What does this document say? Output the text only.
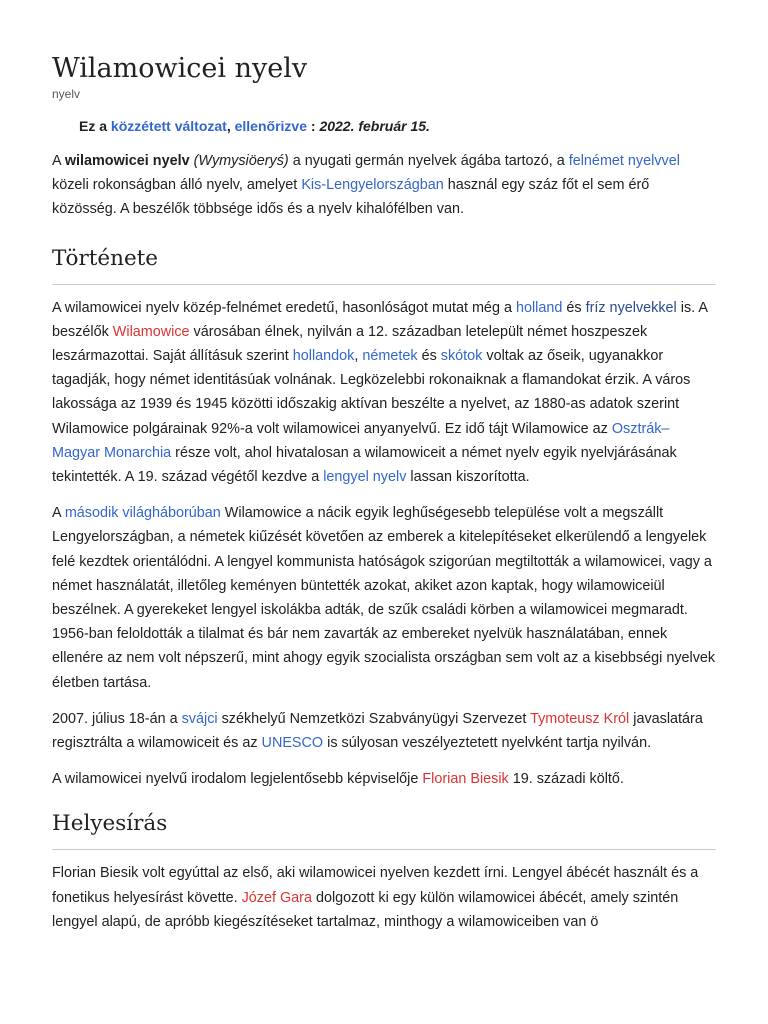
Wilamowicei nyelv
nyelv
Ez a közzétett változat, ellenőrizve : 2022. február 15.

A wilamowicei nyelv (Wymysiöeryś) a nyugati germán nyelvek ágába tartozó, a felnémet nyelvvel közeli rokonságban álló nyelv, amelyet Kis-Lengyelországban használ egy száz főt el sem érő közösség. A beszélők többsége idős és a nyelv kihalófélben van.

Története

A wilamowicei nyelv közép-felnémet eredetű, hasonlóságot mutat még a holland és fríz nyelvekkel is. A beszélők Wilamowice városában élnek, nyilván a 12. században letelepült német hoszpeszek leszármazottai. Saját állításuk szerint hollandok, németek és skótok voltak az őseik, ugyanakkor tagadják, hogy német identitásúak volnának. Legközelebbi rokonaiknak a flamandokat érzik. A város lakossága az 1939 és 1945 közötti időszakig aktívan beszélte a nyelvet, az 1880-as adatok szerint Wilamowice polgárainak 92%-a volt wilamowicei anyanyelvű. Ez idő tájt Wilamowice az Osztrák–Magyar Monarchia része volt, ahol hivatalosan a wilamowiceit a német nyelv egyik nyelvjárásának tekintették. A 19. század végétől kezdve a lengyel nyelv lassan kiszorította.

A második világháborúban Wilamowice a nácik egyik leghűségesebb települése volt a megszállt Lengyelországban, a németek kiűzését követően az emberek a kitelepítéseket elkerülendő a lengyelek felé kezdtek orientálódni. A lengyel kommunista hatóságok szigorúan megtiltották a wilamowicei, vagy a német használatát, illetőleg keményen büntették azokat, akiket azon kaptak, hogy wilamowiceiül beszélnek. A gyerekeket lengyel iskolákba adták, de szűk családi körben a wilamowicei megmaradt. 1956-ban feloldották a tilalmat és bár nem zavarták az embereket nyelvük használatában, ennek ellenére az nem volt népszerű, mint ahogy egyik szocialista országban sem volt az a kisebbségi nyelvek életben tartása.

2007. július 18-án a svájci székhelyű Nemzetközi Szabványügyi Szervezet Tymoteusz Król javaslatára regisztrálta a wilamowiceit és az UNESCO is súlyosan veszélyeztetett nyelvként tartja nyilván.

A wilamowicei nyelvű irodalom legjelentősebb képviselője Florian Biesik 19. századi költő.

Helyesírás

Florian Biesik volt egyúttal az első, aki wilamowicei nyelven kezdett írni. Lengyel ábécét használt és a fonetikus helyesírást követte. Józef Gara dolgozott ki egy külön wilamowicei ábécét, amely szintén lengyel alapú, de apróbb kiegészítéseket tartalmaz, minthogy a wilamowiceiben van ö
